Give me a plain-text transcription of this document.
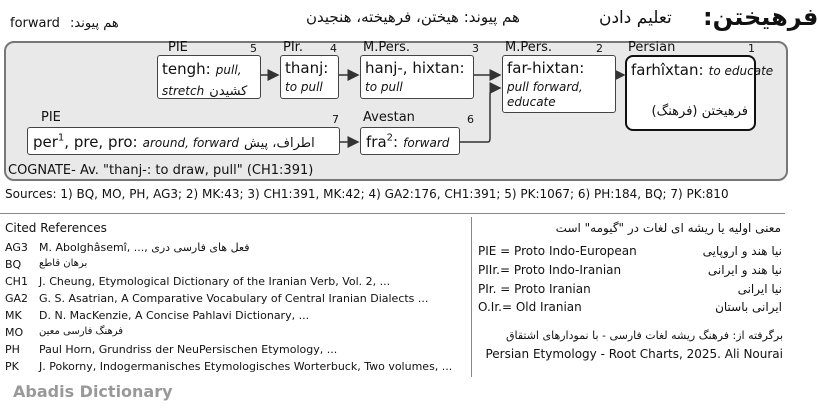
فرهیختن:
تعلیم دادن
هم پیوند: هیختن، فرهیخته، هنجیدن
forward هم پیوند:
PIE	5 PIr. 4 M.Pers.	3 M.Pers.	2 Persian	1
PIE	7 Avestan	6
tengh: pull,
stretch کشیدن
thanj:
to pull
hanj-, hixtan:
to pull
far-hixtan:
pull forward,
educate
farhîxtan: to educate
فرهیختن (فرهنگ)
per$^1$, pre, pro: around, forward اطراف، پیش	fra$^2$: forward
COGNATE- Av. "thanj-: to draw, pull" (CH1:391)
Sources: 1) BQ, MO, PH, AG3; 2) MK:43; 3) CH1:391, MK:42; 4) GA2:176, CH1:391; 5) PK:1067; 6) PH:184, BQ; 7) PK:810
Cited References
AG3 M. Abolghâsemî, ..., فعل های فارسی دری
BQ برهان قاطع
CH1 J. Cheung, Etymological Dictionary of the Iranian Verb, Vol. 2, ...
GA2 G. S. Asatrian, A Comparative Vocabulary of Central Iranian Dialects ...
MK D. N. MacKenzie, A Concise Pahlavi Dictionary, ...
MO فرهنگ فارسی معین
PH Paul Horn, Grundriss der NeuPersischen Etymology, ...
PK J. Pokorny, Indogermanisches Etymologisches Worterbuck, Two volumes, ...
معنی اولیه یا ریشه ای لغات در "گیومه" است
PIE = Proto Indo-European	نیا هند و اروپایی
PIIr.= Proto Indo-Iranian	نیا هند و ایرانی
PIr. = Proto Iranian	نیا ایرانی
O.Ir.= Old Iranian	ایرانی باستان
برگرفته از: فرهنگ ریشه لغات فارسی - با نمودارهای اشتقاق
Persian Etymology - Root Charts, 2025. Ali Nourai
Abadis Dictionary
